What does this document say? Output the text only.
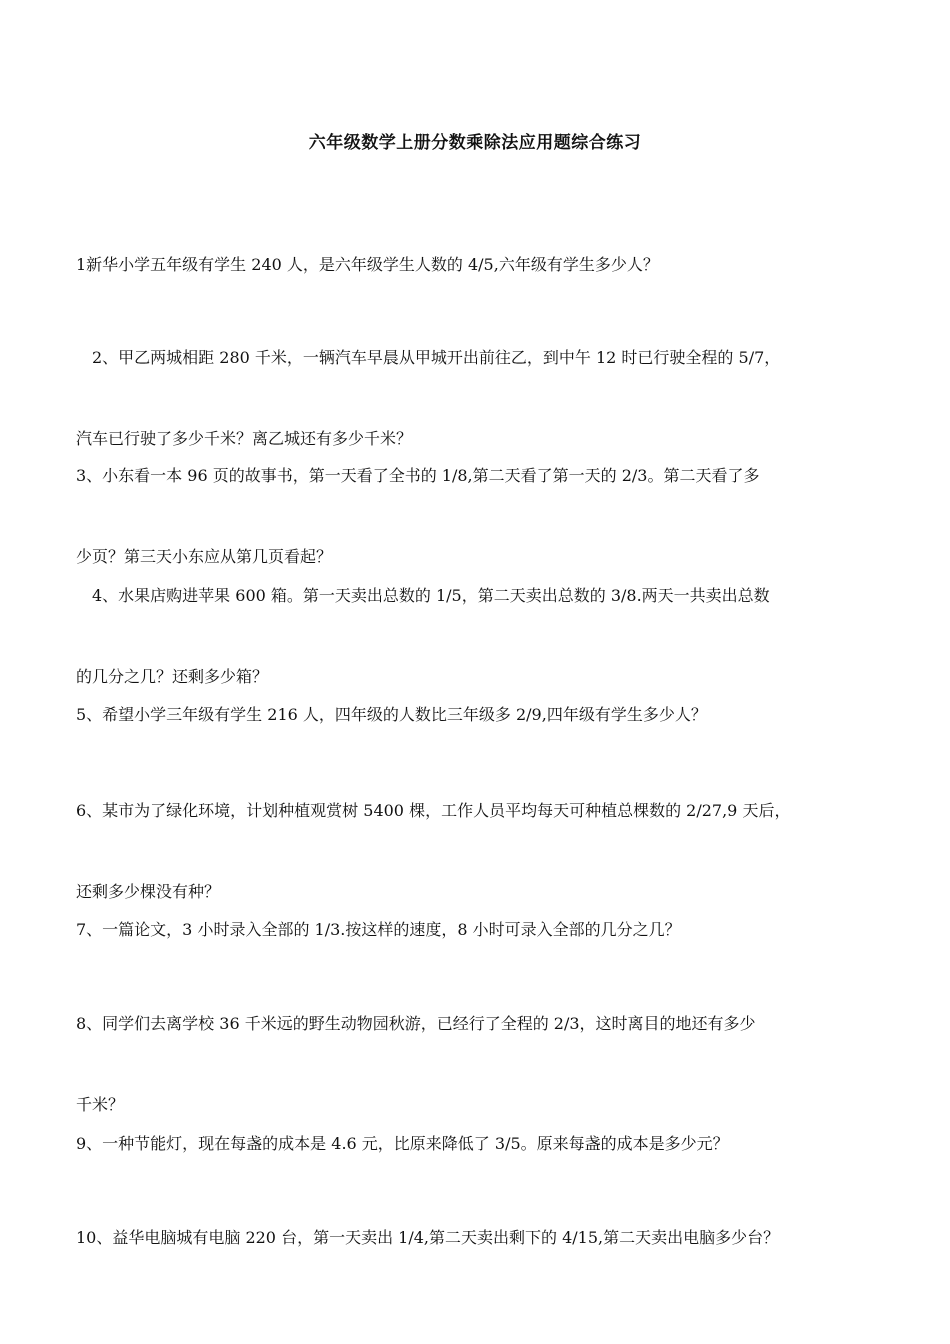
六年级数学上册分数乘除法应用题综合练习

1新华小学五年级有学生 240 人，是六年级学生人数的 4/5,六年级有学生多少人？

2、甲乙两城相距 280 千米，一辆汽车早晨从甲城开出前往乙，到中午 12 时已行驶全程的 5/7，

汽车已行驶了多少千米？离乙城还有多少千米？

3、小东看一本 96 页的故事书，第一天看了全书的 1/8,第二天看了第一天的 2/3。第二天看了多

少页？第三天小东应从第几页看起？

4、水果店购进苹果 600 箱。第一天卖出总数的 1/5，第二天卖出总数的 3/8.两天一共卖出总数

的几分之几？还剩多少箱？

5、希望小学三年级有学生 216 人，四年级的人数比三年级多 2/9,四年级有学生多少人？

6、某市为了绿化环境，计划种植观赏树 5400 棵，工作人员平均每天可种植总棵数的 2/27,9 天后，

还剩多少棵没有种？

7、一篇论文，3 小时录入全部的 1/3.按这样的速度，8 小时可录入全部的几分之几？

8、同学们去离学校 36 千米远的野生动物园秋游，已经行了全程的 2/3，这时离目的地还有多少

千米？

9、一种节能灯，现在每盏的成本是 4.6 元，比原来降低了 3/5。原来每盏的成本是多少元？

10、益华电脑城有电脑 220 台，第一天卖出 1/4,第二天卖出剩下的 4/15,第二天卖出电脑多少台？
